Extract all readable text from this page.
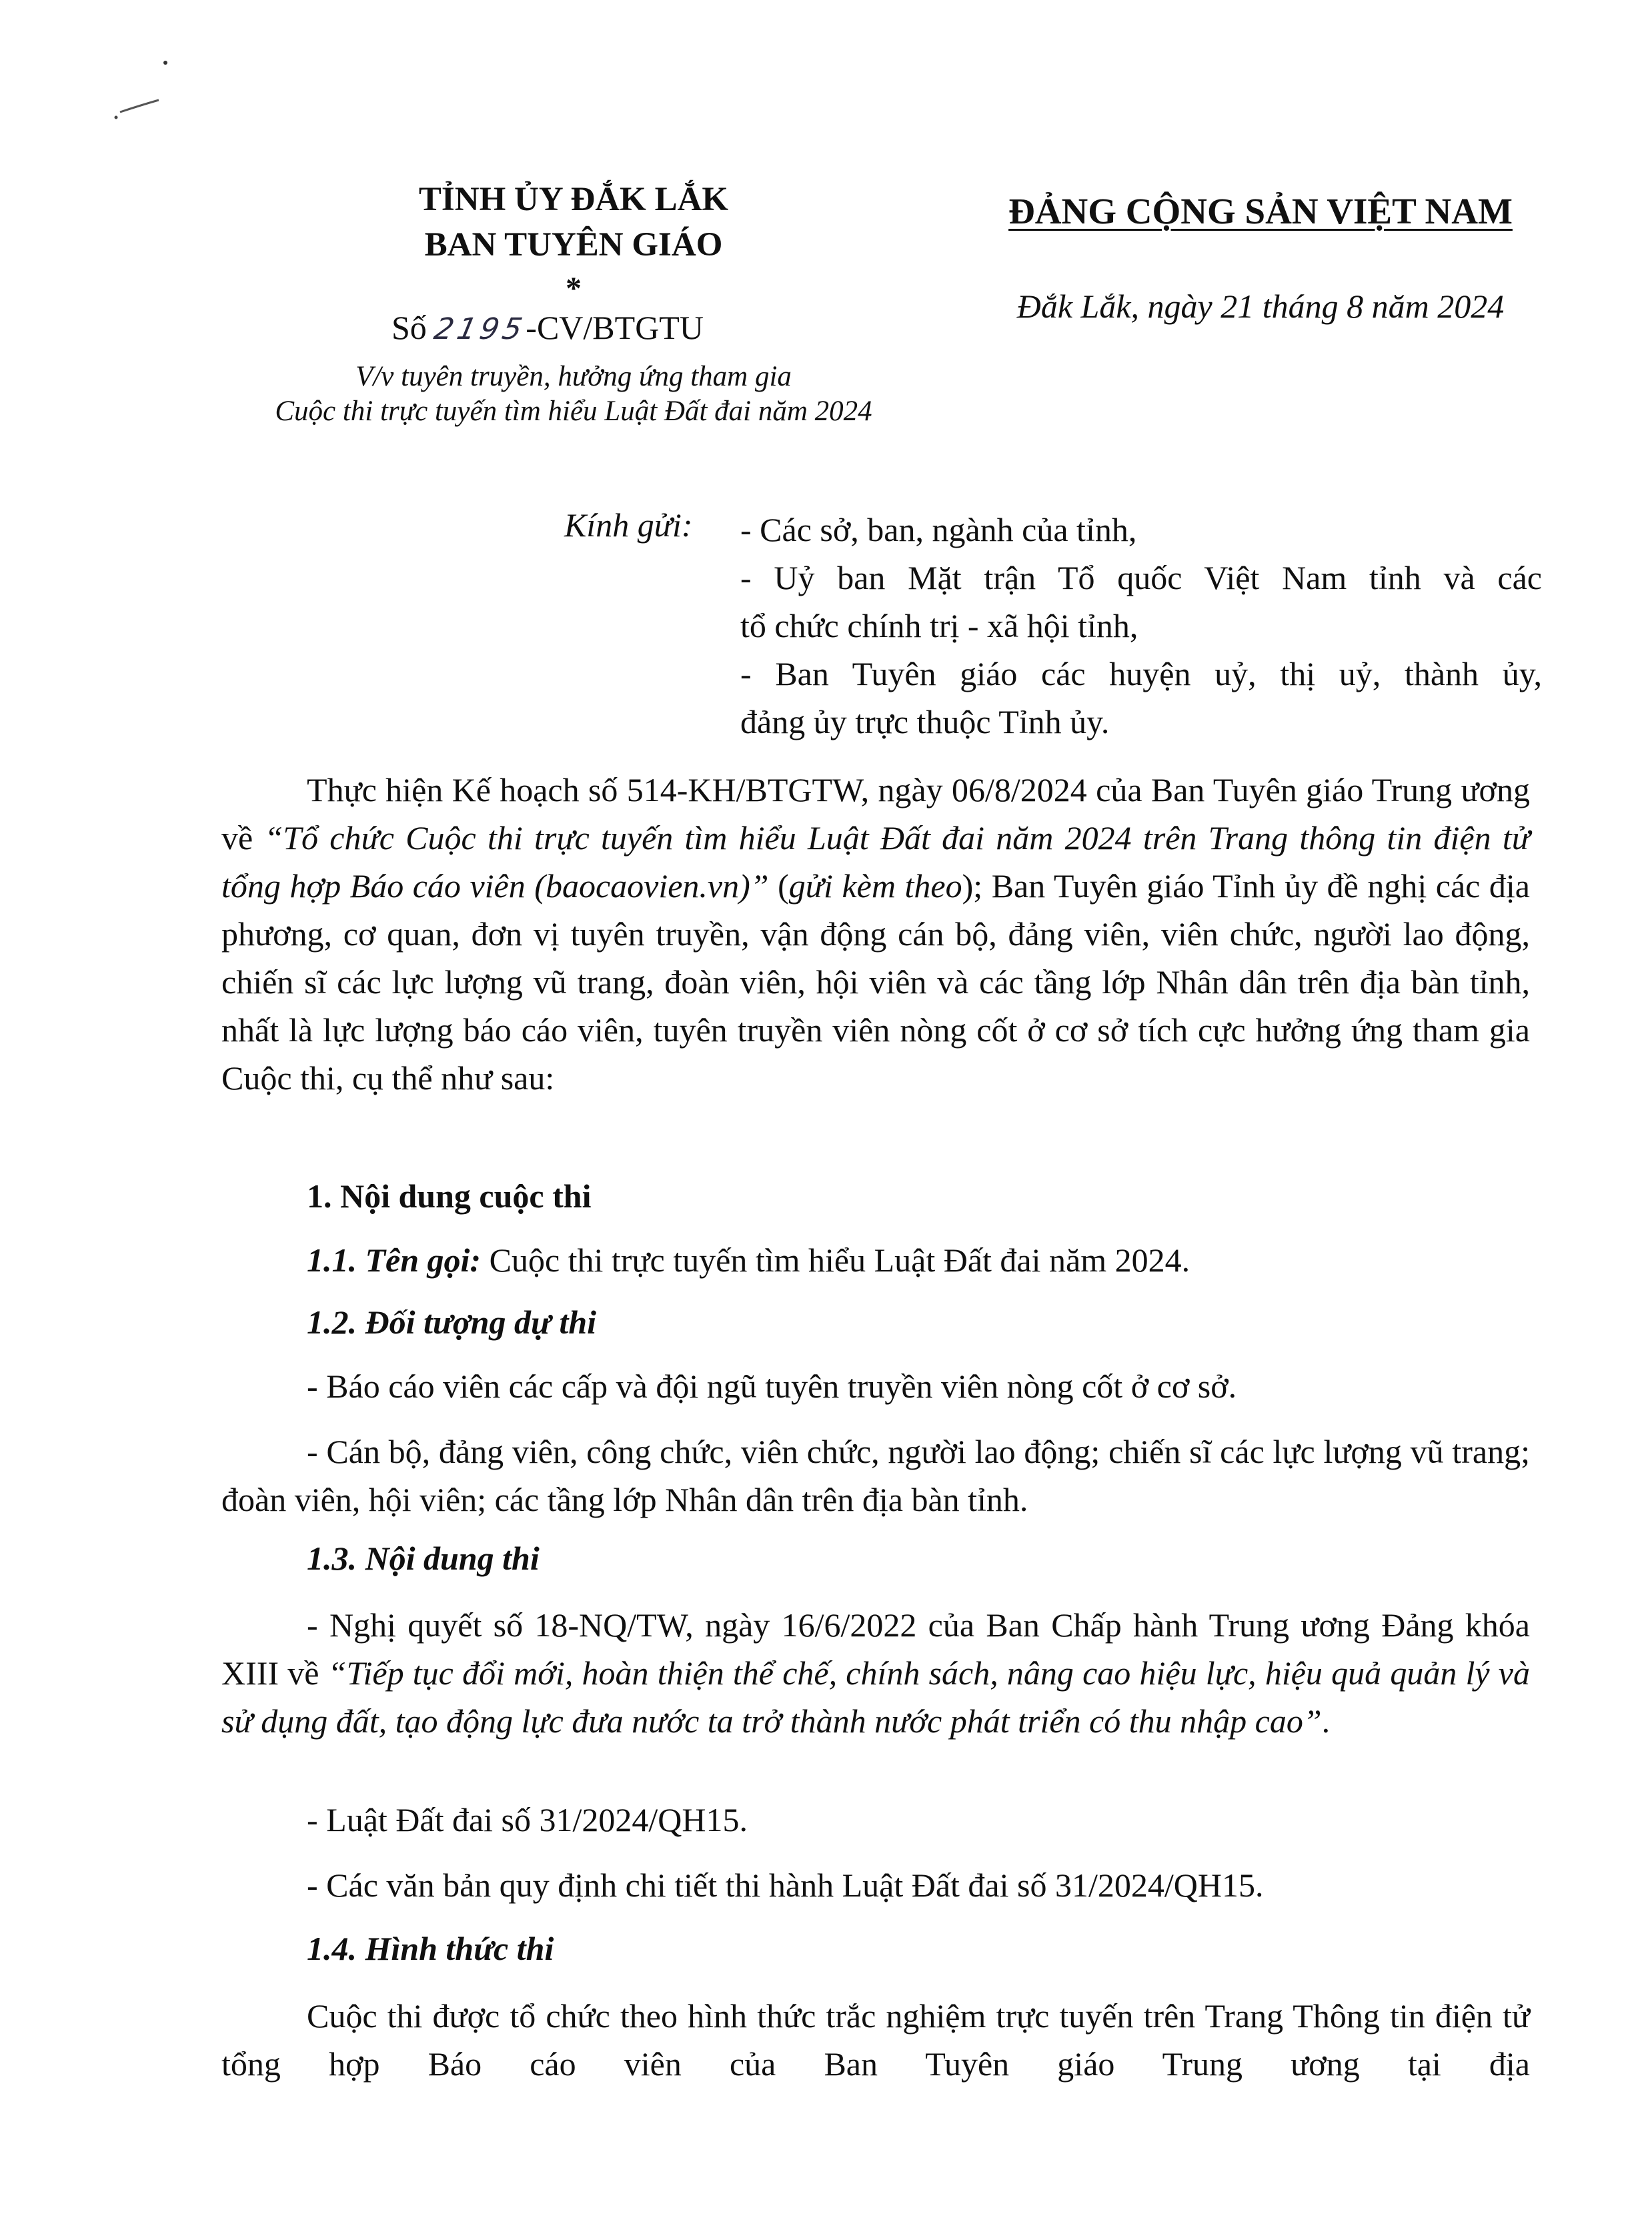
TỈNH ỦY ĐẮK LẮK
BAN TUYÊN GIÁO
*
Số 2195-CV/BTGTU
V/v tuyên truyền, hưởng ứng tham gia
Cuộc thi trực tuyến tìm hiểu Luật Đất đai năm 2024
ĐẢNG CỘNG SẢN VIỆT NAM
Đắk Lắk, ngày 21 tháng 8 năm 2024
Kính gửi: - Các sở, ban, ngành của tỉnh,
- Uỷ ban Mặt trận Tổ quốc Việt Nam tỉnh và các
tổ chức chính trị - xã hội tỉnh,
- Ban Tuyên giáo các huyện uỷ, thị uỷ, thành ủy,
đảng ủy trực thuộc Tỉnh ủy.

Thực hiện Kế hoạch số 514-KH/BTGTW, ngày 06/8/2024 của Ban Tuyên giáo Trung ương về “Tổ chức Cuộc thi trực tuyến tìm hiểu Luật Đất đai năm 2024 trên Trang thông tin điện tử tổng hợp Báo cáo viên (baocaovien.vn)” (gửi kèm theo); Ban Tuyên giáo Tỉnh ủy đề nghị các địa phương, cơ quan, đơn vị tuyên truyền, vận động cán bộ, đảng viên, viên chức, người lao động, chiến sĩ các lực lượng vũ trang, đoàn viên, hội viên và các tầng lớp Nhân dân trên địa bàn tỉnh, nhất là lực lượng báo cáo viên, tuyên truyền viên nòng cốt ở cơ sở tích cực hưởng ứng tham gia Cuộc thi, cụ thể như sau:

1. Nội dung cuộc thi
1.1. Tên gọi: Cuộc thi trực tuyến tìm hiểu Luật Đất đai năm 2024.
1.2. Đối tượng dự thi
- Báo cáo viên các cấp và đội ngũ tuyên truyền viên nòng cốt ở cơ sở.
- Cán bộ, đảng viên, công chức, viên chức, người lao động; chiến sĩ các lực lượng vũ trang; đoàn viên, hội viên; các tầng lớp Nhân dân trên địa bàn tỉnh.
1.3. Nội dung thi
- Nghị quyết số 18-NQ/TW, ngày 16/6/2022 của Ban Chấp hành Trung ương Đảng khóa XIII về “Tiếp tục đổi mới, hoàn thiện thể chế, chính sách, nâng cao hiệu lực, hiệu quả quản lý và sử dụng đất, tạo động lực đưa nước ta trở thành nước phát triển có thu nhập cao”.
- Luật Đất đai số 31/2024/QH15.
- Các văn bản quy định chi tiết thi hành Luật Đất đai số 31/2024/QH15.
1.4. Hình thức thi
Cuộc thi được tổ chức theo hình thức trắc nghiệm trực tuyến trên Trang Thông tin điện tử tổng hợp Báo cáo viên của Ban Tuyên giáo Trung ương tại địa
